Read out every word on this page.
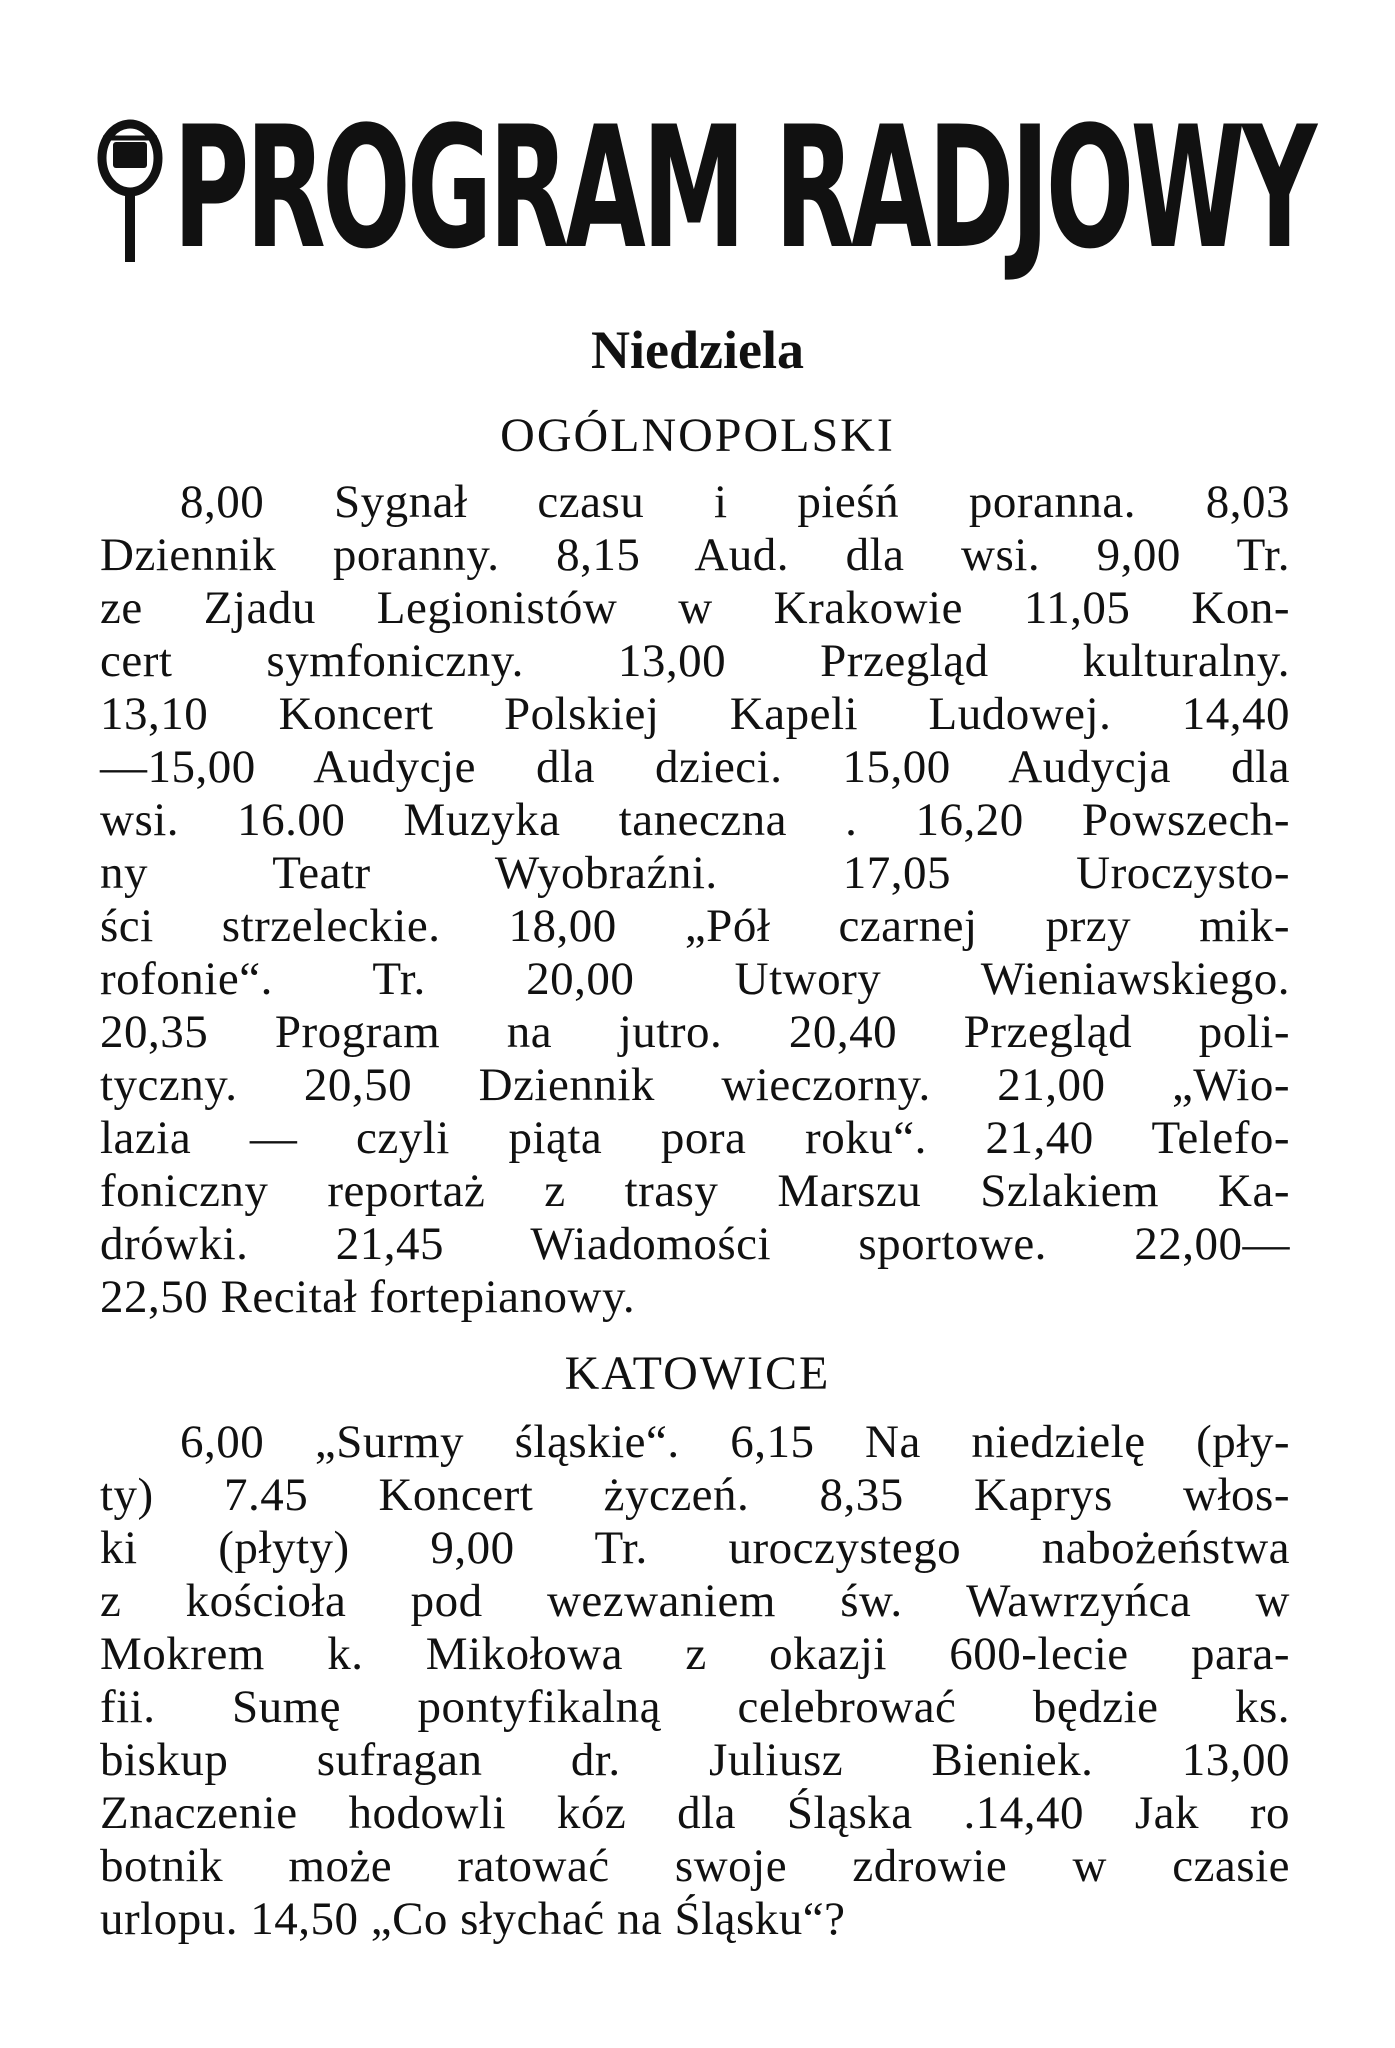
PROGRAM RADJOWY
Niedziela
OGÓLNOPOLSKI
8,00 Sygnał czasu i pieśń poranna. 8,03
Dziennik poranny. 8,15 Aud. dla wsi. 9,00 Tr.
ze Zjadu Legionistów w Krakowie 11,05 Kon-
cert symfoniczny. 13,00 Przegląd kulturalny.
13,10 Koncert Polskiej Kapeli Ludowej. 14,40
—15,00 Audycje dla dzieci. 15,00 Audycja dla
wsi. 16.00 Muzyka taneczna . 16,20 Powszech-
ny Teatr Wyobraźni. 17,05 Uroczysto-
ści strzeleckie. 18,00 „Pół czarnej przy mik-
rofonie“. Tr. 20,00 Utwory Wieniawskiego.
20,35 Program na jutro. 20,40 Przegląd poli-
tyczny. 20,50 Dziennik wieczorny. 21,00 „Wio-
lazia — czyli piąta pora roku“. 21,40 Telefo-
foniczny reportaż z trasy Marszu Szlakiem Ka-
drówki. 21,45 Wiadomości sportowe. 22,00—
22,50 Recitał fortepianowy.
KATOWICE
6,00 „Surmy śląskie“. 6,15 Na niedzielę (pły-
ty) 7.45 Koncert życzeń. 8,35 Kaprys włos-
ki (płyty) 9,00 Tr. uroczystego nabożeństwa
z kościoła pod wezwaniem św. Wawrzyńca w
Mokrem k. Mikołowa z okazji 600-lecie para-
fii. Sumę pontyfikalną celebrować będzie ks.
biskup sufragan dr. Juliusz Bieniek. 13,00
Znaczenie hodowli kóz dla Śląska .14,40 Jak ro
botnik może ratować swoje zdrowie w czasie
urlopu. 14,50 „Co słychać na Śląsku“?
